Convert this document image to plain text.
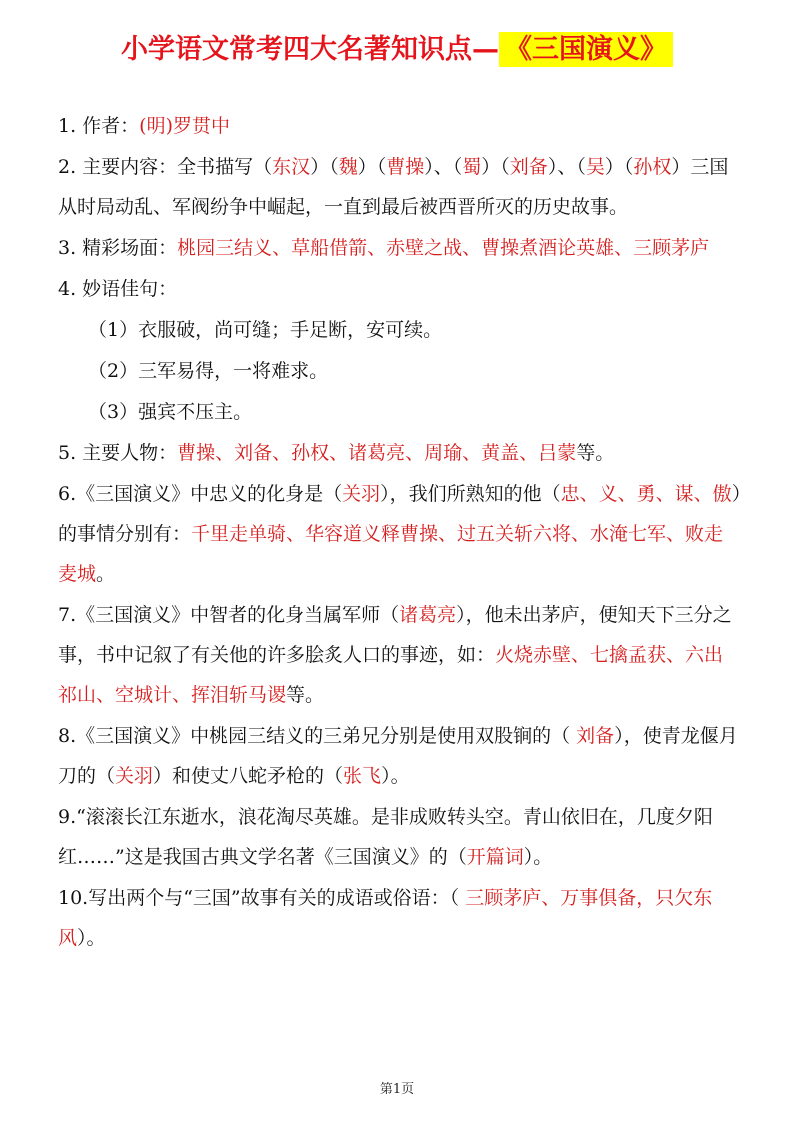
小学语文常考四大名著知识点— 《三国演义》
1. 作者：(明)罗贯中
2. 主要内容：全书描写（东汉）（魏）（曹操）、（蜀）（刘备）、（吴）（孙权）三国从时局动乱、军阀纷争中崛起，一直到最后被西晋所灭的历史故事。
3. 精彩场面：桃园三结义、草船借箭、赤壁之战、曹操煮酒论英雄、三顾茅庐
4. 妙语佳句：
（1）衣服破，尚可缝；手足断，安可续。
（2）三军易得，一将难求。
（3）强宾不压主。
5. 主要人物：曹操、刘备、孙权、诸葛亮、周瑜、黄盖、吕蒙等。
6.《三国演义》中忠义的化身是（关羽），我们所熟知的他（忠、义、勇、谋、傲）的事情分别有：千里走单骑、华容道义释曹操、过五关斩六将、水淹七军、败走麦城。
7.《三国演义》中智者的化身当属军师（诸葛亮），他未出茅庐，便知天下三分之事，书中记叙了有关他的许多脍炙人口的事迹，如：火烧赤壁、七擒孟获、六出祁山、空城计、挥泪斩马谡等。
8.《三国演义》中桃园三结义的三弟兄分别是使用双股锏的（ 刘备），使青龙偃月刀的（关羽）和使丈八蛇矛枪的（张飞）。
9.“滚滚长江东逝水，浪花淘尽英雄。是非成败转头空。青山依旧在，几度夕阳红……”这是我国古典文学名著《三国演义》的（开篇词）。
10.写出两个与“三国”故事有关的成语或俗语：（ 三顾茅庐、万事俱备，只欠东风）。
第1页
